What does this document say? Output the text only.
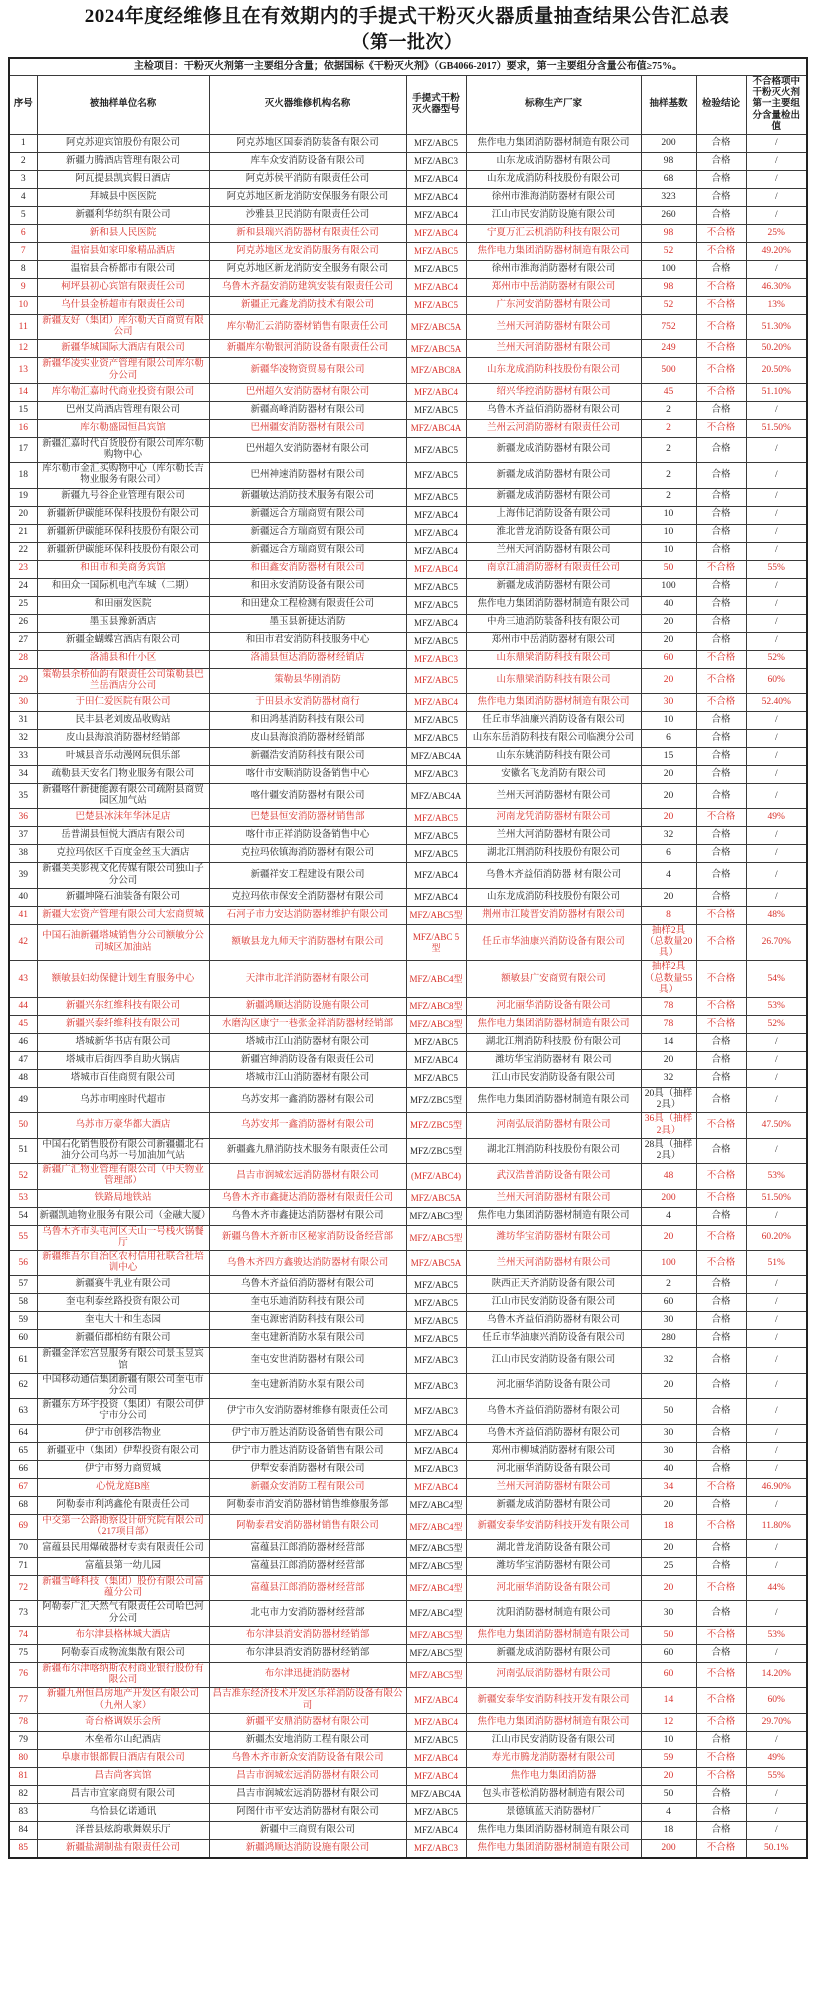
2024年度经维修且在有效期内的手提式干粉灭火器质量抽查结果公告汇总表
（第一批次）
主检项目：干粉灭火剂第一主要组分含量；依据国标《干粉灭火剂》（GB4066-2017）要求，第一主要组分含量公布值≥75%。							
序号	被抽样单位名称	灭火器维修机构名称	手提式干粉灭火器型号	标称生产厂家	抽样基数	检验结论	不合格项中干粉灭火剂第一主要组分含量检出值
1	阿克苏迎宾馆股份有限公司	阿克苏地区国泰消防装备有限公司	MFZ/ABC5	焦作电力集团消防器材制造有限公司	200	合格	/
2	新疆力腾酒店管理有限公司	库车众安消防设备有限公司	MFZ/ABC3	山东龙成消防器材有限公司	98	合格	/
3	阿瓦提县凯宾假日酒店	阿克苏侯平消防有限责任公司	MFZ/ABC4	山东龙成消防科技股份有限公司	68	合格	/
4	拜城县中医医院	阿克苏地区新龙消防安保服务有限公司	MFZ/ABC4	徐州市淮海消防器材有限公司	323	合格	/
5	新疆利华纺织有限公司	沙雅县卫民消防有限责任公司	MFZ/ABC4	江山市民安消防设施有限公司	260	合格	/
6	新和县人民医院	新和县瑞兴消防器材有限责任公司	MFZ/ABC4	宁夏万汇云机消防科技有限公司	98	不合格	25%
7	温宿县如家印象精品酒店	阿克苏地区龙安消防服务有限公司	MFZ/ABC5	焦作电力集团消防器材制造有限公司	52	不合格	49.20%
8	温宿县合桥都市有限公司	阿克苏地区新龙消防安全服务有限公司	MFZ/ABC5	徐州市淮海消防器材有限公司	100	合格	/
9	柯坪县初心宾馆有限责任公司	乌鲁木齐磊安消防建筑安装有限责任公司	MFZ/ABC4	郑州市中岳消防器材有限公司	98	不合格	46.30%
10	乌什县金桥超市有限责任公司	新疆正元鑫龙消防技术有限公司	MFZ/ABC5	广东河安消防器材有限公司	52	不合格	13%
11	新疆友好（集团）库尔勒天百商贸有限公司	库尔勒汇云消防器材销售有限责任公司	MFZ/ABC5A	兰州天河消防器材有限公司	752	不合格	51.30%
12	新疆华城国际大酒店有限公司	新疆库尔勒银河消防设备有限责任公司	MFZ/ABC5A	兰州天河消防器材有限公司	249	不合格	50.20%
13	新疆华凌实业资产管理有限公司库尔勒分公司	新疆华凌物资贸易有限公司	MFZ/ABC8A	山东龙成消防科技股份有限公司	500	不合格	20.50%
14	库尔勒汇嘉时代商业投资有限公司	巴州超久安消防器材有限公司	MFZ/ABC4	绍兴华控消防器材有限公司	45	不合格	51.10%
15	巴州艾尚酒店管理有限公司	新疆高峰消防器材有限公司	MFZ/ABC5	乌鲁木齐益佰消防器材有限公司	2	合格	/
16	库尔勒盛园恒昌宾馆	巴州疆安消防器材有限公司	MFZ/ABC4A	兰州云河消防器材有限责任公司	2	不合格	51.50%
17	新疆汇嘉时代百货股份有限公司库尔勒购物中心	巴州超久安消防器材有限公司	MFZ/ABC5	新疆龙成消防器材有限公司	2	合格	/
18	库尔勒市金汇买购物中心（库尔勒长吉物业服务有限公司）	巴州神速消防器材有限公司	MFZ/ABC5	新疆龙成消防器材有限公司	2	合格	/
19	新疆九号谷企业管理有限公司	新疆敏达消防技术服务有限公司	MFZ/ABC5	新疆龙成消防器材有限公司	2	合格	/
20	新疆新伊碳能环保科技股份有限公司	新疆远合方瑞商贸有限公司	MFZ/ABC4	上海伟记消防设备有限公司	10	合格	/
21	新疆新伊碳能环保科技股份有限公司	新疆远合方瑞商贸有限公司	MFZ/ABC4	淮北普龙消防设备有限公司	10	合格	/
22	新疆新伊碳能环保科技股份有限公司	新疆远合方瑞商贸有限公司	MFZ/ABC4	兰州天河消防器材有限公司	10	合格	/
23	和田市和美商务宾馆	和田鑫安消防器材有限公司	MFZ/ABC4	南京江浦消防器材有限责任公司	50	不合格	55%
24	和田众一国际机电汽车城（二期）	和田永安消防设备有限公司	MFZ/ABC5	新疆龙成消防器材有限公司	100	合格	/
25	和田丽发医院	和田建众工程检测有限责任公司	MFZ/ABC5	焦作电力集团消防器材制造有限公司	40	合格	/
26	墨玉县豫新酒店	墨玉县新捷达消防	MFZ/ABC4	中舟三迪消防装备科技有限公司	20	合格	/
27	新疆金蝴蝶宫酒店有限公司	和田市君安消防科技服务中心	MFZ/ABC5	郑州市中岳消防器材有限公司	20	合格	/
28	洛浦县和什小区	洛浦县恒达消防器材经销店	MFZ/ABC3	山东鼎梁消防科技有限公司	60	不合格	52%
29	策勒县余桥仙韵有限责任公司策勒县巴兰岳酒店分公司	策勒县华刚消防	MFZ/ABC5	山东鼎梁消防科技有限公司	20	不合格	60%
30	于田仁爱医院有限公司	于田县永安消防器材商行	MFZ/ABC4	焦作电力集团消防器材制造有限公司	30	不合格	52.40%
31	民丰县老刘废品收购站	和田鸿基消防科技有限公司	MFZ/ABC5	任丘市华油廉兴消防设备有限公司	10	合格	/
32	皮山县海浪消防器材经销部	皮山县海浪消防器材经销部	MFZ/ABC5	山东东岳消防科技有限公司临澳分公司	6	合格	/
33	叶城县音乐动漫网玩俱乐部	新疆浩安消防科技有限公司	MFZ/ABC4A	山东东姚消防科技有限公司	15	合格	/
34	疏勒县天安名门物业服务有限公司	喀什市安顺消防设备销售中心	MFZ/ABC3	安徽名飞龙消防有限公司	20	合格	/
35	新疆喀什新捷能源有限公司疏附县商贸园区加气站	喀什疆安消防器材有限公司	MFZ/ABC4A	兰州天河消防器材有限公司	20	合格	/
36	巴楚县冰沫年华沐足店	巴楚县恒安消防器材销售部	MFZ/ABC5	河南龙凭消防器材有限公司	20	不合格	49%
37	岳普湖县恒悦大酒店有限公司	喀什市正祥消防设备销售中心	MFZ/ABC5	兰州大河消防器材有限公司	32	合格	/
38	克拉玛依区千百度金丝玉大酒店	克拉玛依镇海消防器材有限公司	MFZ/ABC5	湖北江荆消防科技股份有限公司	6	合格	/
39	新疆美美影视文化传媒有限公司独山子分公司	新疆祥安工程建设有限公司	MFZ/ABC4	乌鲁木齐益佰消防器 材有限公司	4	合格	/
40	新疆坤隆石油装备有限公司	克拉玛依市保安全消防器材有限公司	MFZ/ABC4	山东龙成消防科技股份有限公司	20	合格	/
41	新疆大宏资产管理有限公司大宏商贸城	石河子市力安达消防器材维护有限公司	MFZ/ABC5型	荆州市江陵晋安消防器材有限公司	8	不合格	48%
42	中国石油新疆塔城销售分公司额敏分公司城区加油站	额敏县龙九师天宇消防器材有限公司	MFZ/ABC 5型	任丘市华油康兴消防设备有限公司	抽样2具（总数量20具）	不合格	26.70%
43	额敏县妇幼保健计划生育服务中心	天津市北洋消防器材有限公司	MFZ/ABC4型	额敏县广安商贸有限公司	抽样2具（总数量55具）	不合格	54%
44	新疆兴东红维科技有限公司	新疆鸿顺达消防设施有限公司	MFZ/ABC8型	河北丽华消防设备有限公司	78	不合格	53%
45	新疆兴泰纤维科技有限公司	水磨沟区康宁一巷张金祥消防器材经销部	MFZ/ABC8型	焦作电力集团消防器材制造有限公司	78	不合格	52%
46	塔城新华书店有限公司	塔城市江山消防器材有限公司	MFZ/ABC5	湖北江荆消防科技股 份有限公司	14	合格	/
47	塔城市后街四季自助火锅店	新疆宫绅消防设备有限责任公司	MFZ/ABC4	潍坊华宝消防器材有 限公司	20	合格	/
48	塔城市百佳商贸有限公司	塔城市江山消防器材有限公司	MFZ/ABC5	江山市民安消防设备有限公司	32	合格	/
49	乌苏市明座时代超市	乌苏安邦一鑫消防器材有限公司	MFZ/ZBC5型	焦作电力集团消防器材制造有限公司	20具（抽样2具）	合格	/
50	乌苏市万豪华都大酒店	乌苏安邦一鑫消防器材有限公司	MFZ/ZBC5型	河南弘辰消防器材有限公司	36具（抽样2具）	不合格	47.50%
51	中国石化销售股份有限公司新疆疆北石油分公司乌苏一号加油加气站	新疆鑫九鼎消防技术服务有限责任公司	MFZ/ZBC5型	湖北江荆消防科技股份有限公司	28具（抽样2具）	合格	/
52	新疆广汇物业管理有限公司（中天物业管理部）	昌吉市润城宏远消防器材有限公司	(MFZ/ABC4)	武汉浩普消防设备有限公司	48	不合格	53%
53	铁路局地铁站	乌鲁木齐市鑫捷达消防器材有限责任公司	MFZ/ABC5A	兰州天河消防器材有限公司	200	不合格	51.50%
54	新疆凯迪物业服务有限公司（金融大厦）	乌鲁木齐市鑫捷达消防器材有限公司	MFZ/ABC3型	焦作电力集团消防器材制造有限公司	4	合格	/
55	乌鲁木齐市头屯河区天山一号栈火锅餐厅	新疆乌鲁木齐新市区秘家消防设备经营部	MFZ/ABC5型	潍坊华宝消防器材有限公司	20	不合格	60.20%
56	新疆维吾尔自治区农村信用社联合社培训中心	乌鲁木齐四方鑫骏达消防器材有限公司	MFZ/ABC5A	兰州天河消防器材有限公司	100	不合格	51%
57	新疆赛牛乳业有限公司	乌鲁木齐益佰消防器材有限公司	MFZ/ABC5	陕西正天齐消防设备有限公司	2	合格	/
58	奎屯利泰丝路投资有限公司	奎屯乐迪消防科技有限公司	MFZ/ABC5	江山市民安消防设备有限公司	60	合格	/
59	奎屯大十和生态园	奎屯源密消防科技有限公司	MFZ/ABC5	乌鲁木齐益佰消防器材有限公司	30	合格	/
60	新疆佰郡柏纺有限公司	奎屯建新消防水泵有限公司	MFZ/ABC5	任丘市华油康兴消防设备有限公司	280	合格	/
61	新疆金泽宏宫昱服务有限公司景玉昱宾馆	奎屯安世消防器材有限公司	MFZ/ABC3	江山市民安消防设备有限公司	32	合格	/
62	中国移动通信集团新疆有限公司奎屯市分公司	奎屯建新消防水泵有限公司	MFZ/ABC3	河北丽华消防设备有限公司	20	合格	/
63	新疆东方环宇投资（集团）有限公司伊宁市分公司	伊宁市久安消防器材维修有限责任公司	MFZ/ABC3	乌鲁木齐益佰消防器材有限公司	50	合格	/
64	伊宁市创移浩物业	伊宁市万胜达消防设备销售有限公司	MFZ/ABC4	乌鲁木齐益佰消防器材有限公司	30	合格	/
65	新疆亚中（集团）伊犁投资有限公司	伊宁市力胜达消防设备销售有限公司	MFZ/ABC4	郑州市柳城消防器材有限公司	30	合格	/
66	伊宁市努力商贸城	伊犁安泰消防器材有限公司	MFZ/ABC3	河北丽华消防设备有限公司	40	合格	/
67	心悦龙庭B座	新疆众安消防工程有限公司	MFZ/ABC4	兰州天河消防器材有限公司	34	不合格	46.90%
68	阿勒泰市利鸿鑫伦有限责任公司	阿勒泰市消安消防器材销售维修服务部	MFZ/ABC4型	新疆龙成消防器材有限公司	20	合格	/
69	中交第一公路勘察设计研究院有限公司（217项目部）	阿勒泰君安消防器材销售有限公司	MFZ/ABC4型	新疆安泰华安消防科技开发有限公司	18	不合格	11.80%
70	富蕴县民用爆破器材专卖有限责任公司	富蕴县江郎消防器材经营部	MFZ/ABC5型	湖北普龙消防设备有限公司	20	合格	/
71	富蕴县第一幼儿园	富蕴县江郎消防器材经营部	MFZ/ABC5型	潍坊华宝消防器材有限公司	25	合格	/
72	新疆雪峰科技（集团）股份有限公司富蕴分公司	富蕴县江郎消防器材经营部	MFZ/ABC4型	河北丽华消防设备有限公司	20	不合格	44%
73	阿勒泰广汇天然气有限责任公司哈巴河分公司	北屯市力安消防器材经营部	MFZ/ABC4型	沈阳消防器材制造有限公司	30	合格	/
74	布尔津县格林城大酒店	布尔津县消安消防器材经销部	MFZ/ABC5型	焦作电力集团消防器材制造有限公司	50	不合格	53%
75	阿勒泰百成物流集散有限公司	布尔津县消安消防器材经销部	MFZ/ABC5型	新疆龙成消防器材有限公司	60	合格	/
76	新疆布尔津喀纳斯农村商业银行股份有限公司	布尔津迅捷消防器材	MFZ/ABC5型	河南弘辰消防器材有限公司	60	不合格	14.20%
77	新疆九州恒昌房地产开发区有限公司（九州人家）	昌吉准东经济技术开发区乐祥消防设备有限公司	MFZ/ABC4	新疆安泰华安消防科技开发有限公司	14	不合格	60%
78	奇台格调娱乐会所	新疆平安鼎消防器材有限公司	MFZ/ABC4	焦作电力集团消防器材制造有限公司	12	不合格	29.70%
79	木垒希尔山纪酒店	新疆杰安地消防工程有限公司	MFZ/ABC5	江山市民安消防设备有限公司	10	合格	/
80	阜康市银都假日酒店有限公司	乌鲁木齐市新众安消防设备有限公司	MFZ/ABC4	寿光市腾龙消防器材有限公司	59	不合格	49%
81	昌吉尚客宾馆	昌吉市润城宏远消防器材有限公司	MFZ/ABC4	焦作电力集团消防器	20	不合格	55%
82	昌吉市宜家商贸有限公司	昌吉市润城宏远消防器材有限公司	MFZ/ABC4A	包头市苍松消防器材制造有限公司	50	合格	/
83	乌恰县亿诺通讯	阿图什市平安达消防器材有限公司	MFZ/ABC5	景德镇蓝天消防器材厂	4	合格	/
84	泽普县炫韵歌舞娱乐厅	新疆中三商贸有限公司	MFZ/ABC4	焦作电力集团消防器材制造有限公司	18	合格	/
85	新疆盐湖制盐有限责任公司	新疆鸿顺达消防设施有限公司	MFZ/ABC3	焦作电力集团消防器材制造有限公司	200	不合格	50.1%
